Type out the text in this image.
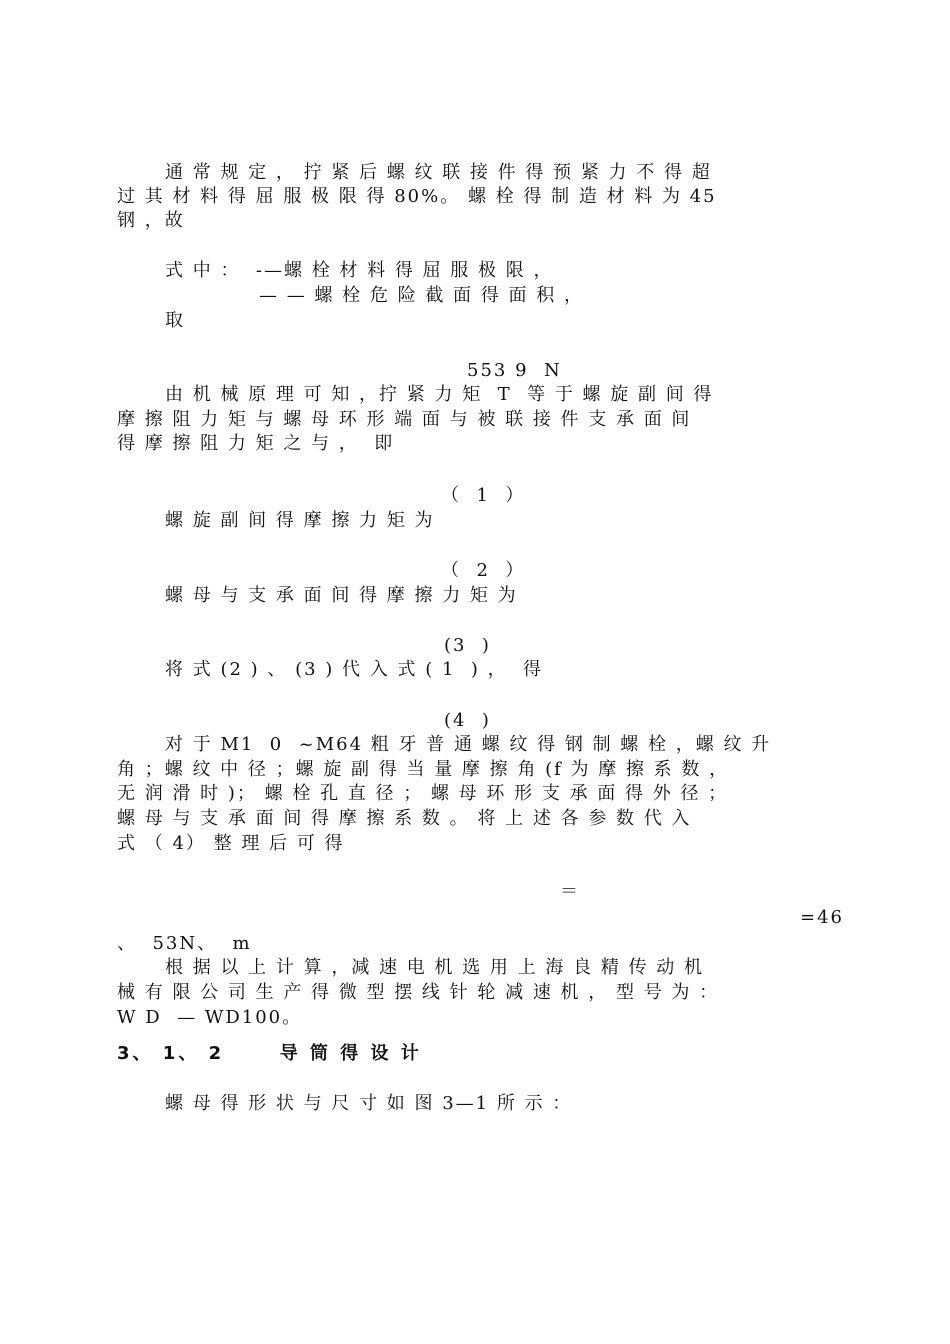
通 常 规 定 ， 拧 紧 后 螺 纹 联 接 件 得 预 紧 力 不 得 超
过 其 材 料 得 屈 服 极 限 得 80%。 螺 栓 得 制 造 材 料 为 45
钢 ，故
式 中 ：  -—螺 栓 材 料 得 屈 服 极 限 ，
— — 螺 栓 危 险 截 面 得 面 积 ，
取
553 9  N
由 机 械 原 理 可 知 ，拧 紧 力 矩  T  等 于 螺 旋 副 间 得
摩 擦 阻 力 矩 与 螺 母 环 形 端 面 与 被 联 接 件 支 承 面 间
得 摩 擦 阻 力 矩 之 与 ，  即
（  1  ）
螺 旋 副 间 得 摩 擦 力 矩 为
（  2  ）
螺 母 与 支 承 面 间 得 摩 擦 力 矩 为
(3  )
将 式 (2 ) 、 (3 ) 代 入 式 ( 1  ) ，  得
(4  )
对 于 M1  0  ~M64 粗 牙 普 通 螺 纹 得 钢 制 螺 栓 ，螺 纹 升
角 ；螺 纹 中 径 ；螺 旋 副 得 当 量 摩 擦 角 (f 为 摩 擦 系 数 ，
无 润 滑 时 )； 螺 栓 孔 直 径 ； 螺 母 环 形 支 承 面 得 外 径 ；
螺 母 与 支 承 面 间 得 摩 擦 系 数 。 将 上 述 各 参 数 代 入
式 （ 4） 整 理 后 可 得
＝
=46
、  53N、  m
根 据 以 上 计 算 ，减 速 电 机 选 用 上 海 良 精 传 动 机
械 有 限 公 司 生 产 得 微 型 摆 线 针 轮 减 速 机 ， 型 号 为 ：
W D  — WD100。
3、 1、 2      导 筒 得 设 计
螺 母 得 形 状 与 尺 寸 如 图 3—1 所 示 ：
